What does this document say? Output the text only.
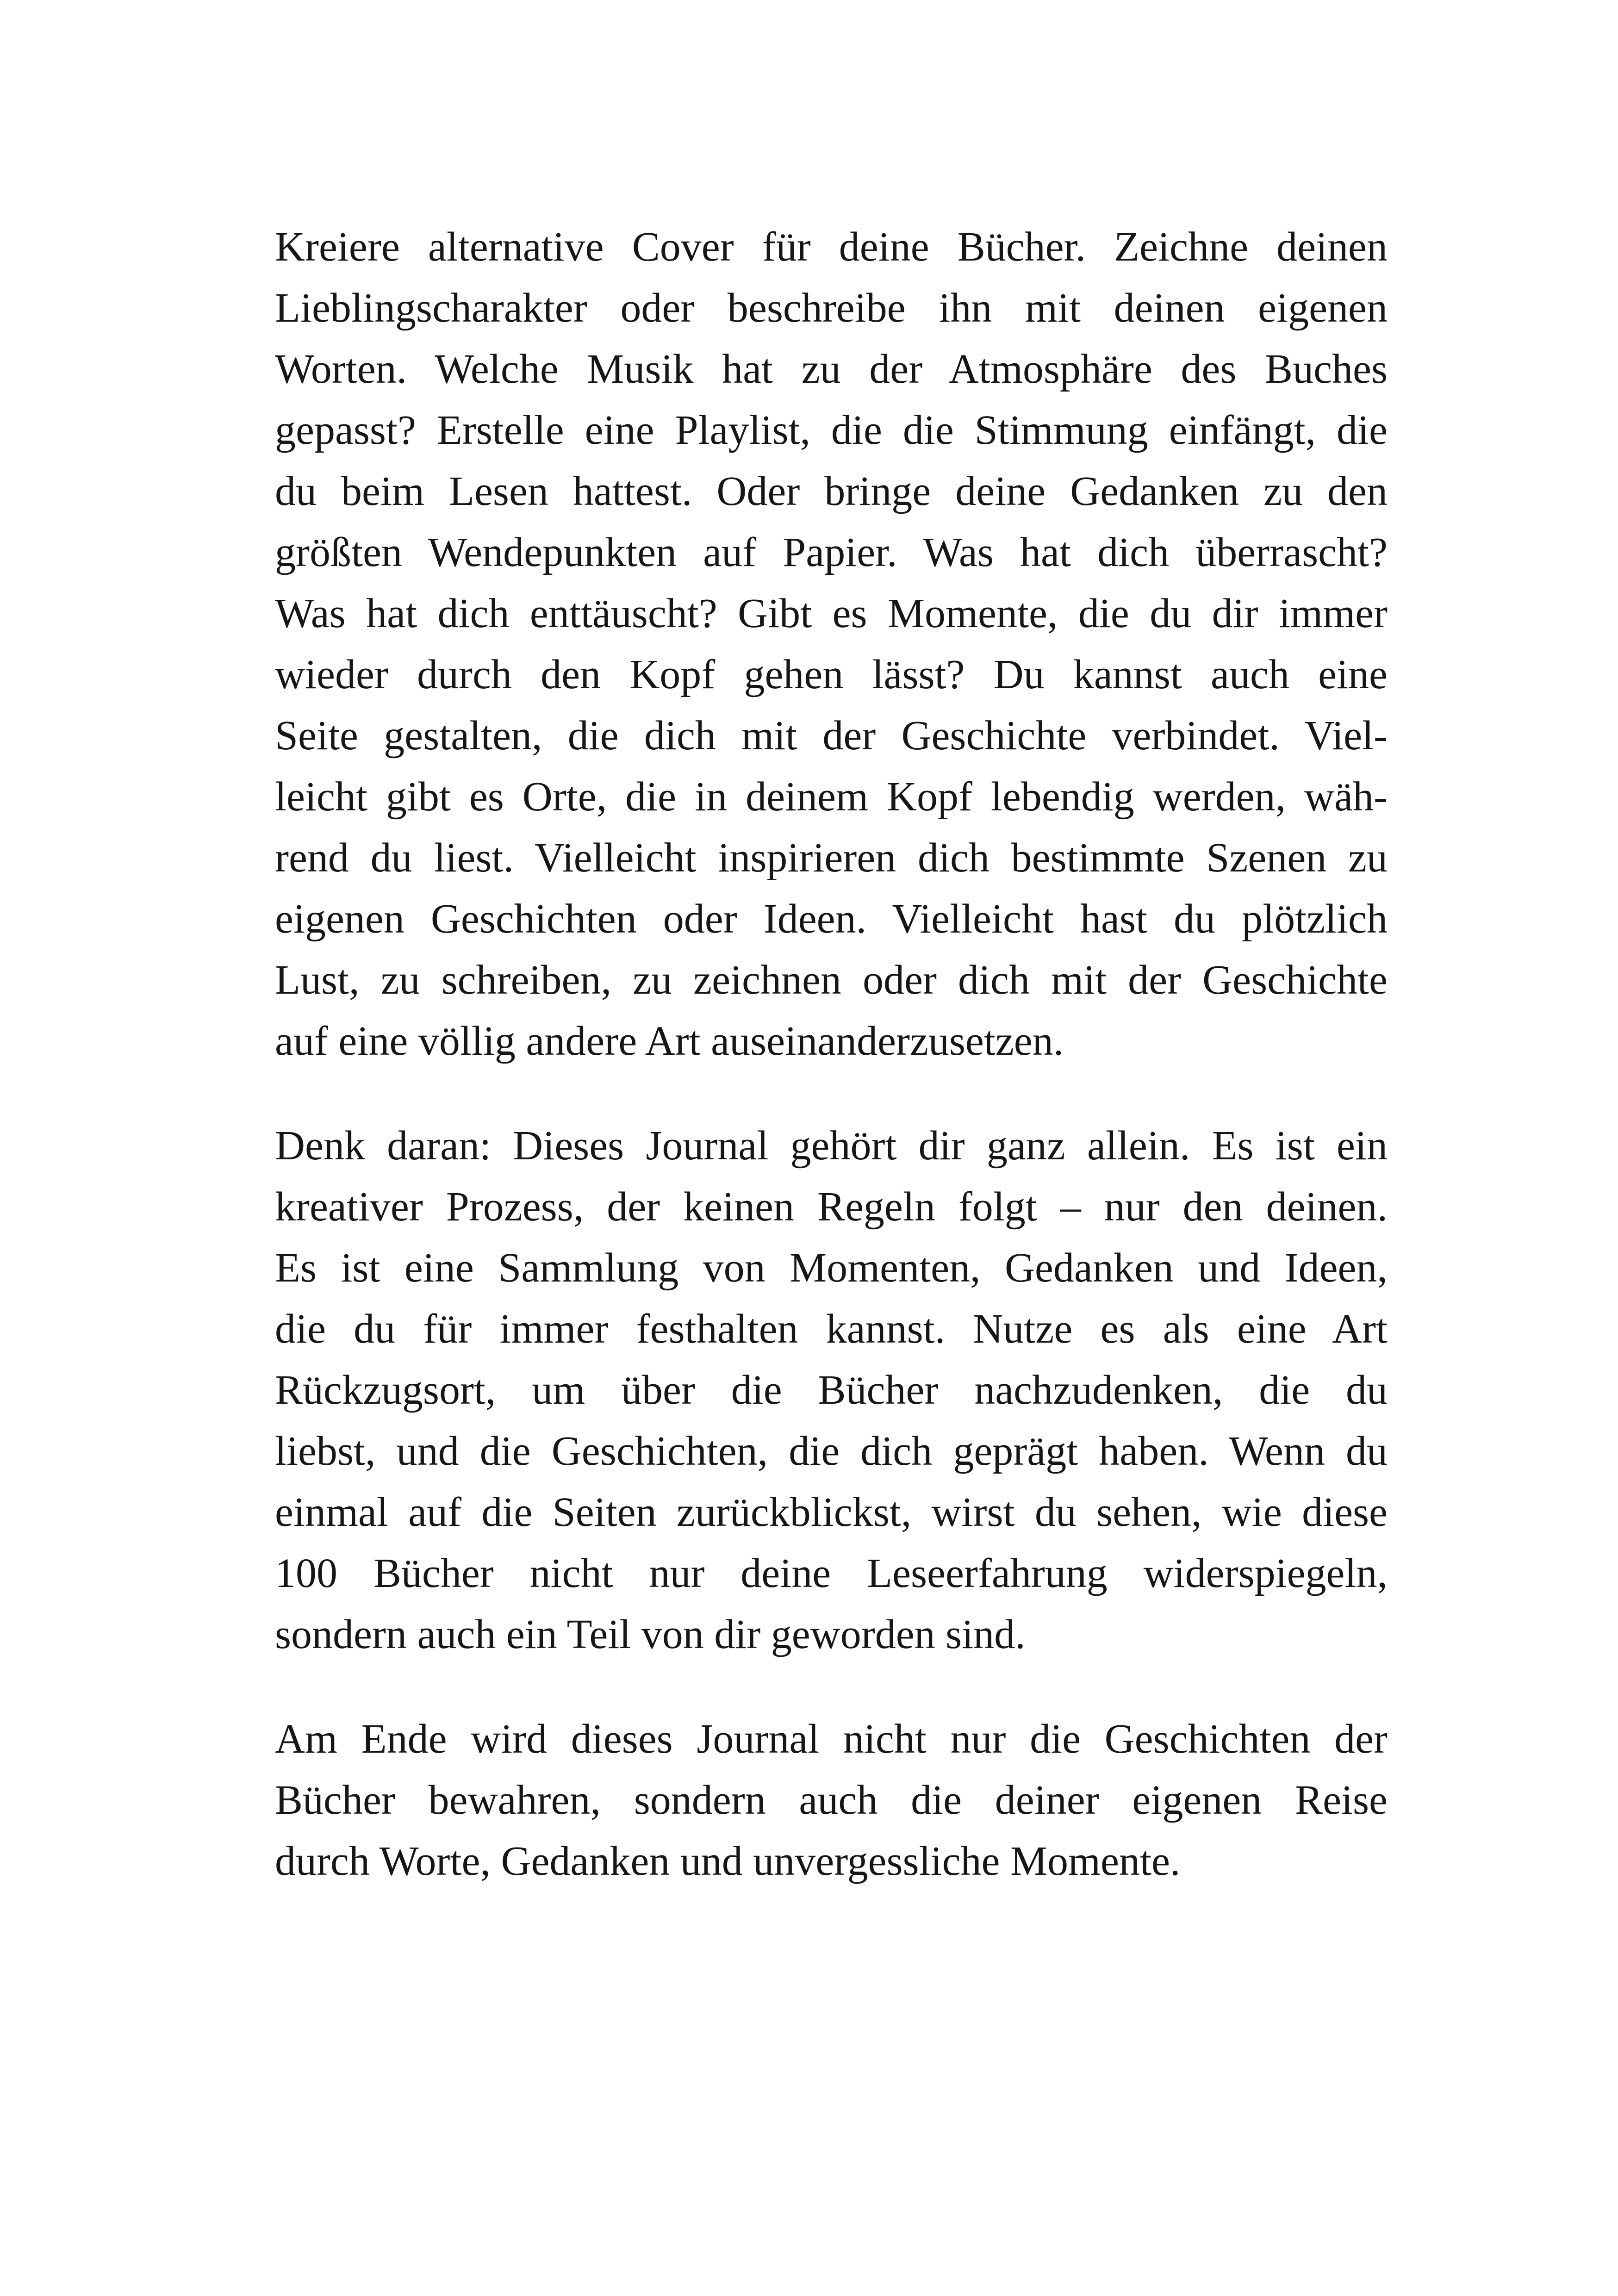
Kreiere alternative Cover für deine Bücher. Zeichne deinen
Lieblingscharakter oder beschreibe ihn mit deinen eigenen
Worten. Welche Musik hat zu der Atmosphäre des Buches
gepasst? Erstelle eine Playlist, die die Stimmung einfängt, die
du beim Lesen hattest. Oder bringe deine Gedanken zu den
größten Wendepunkten auf Papier. Was hat dich überrascht?
Was hat dich enttäuscht? Gibt es Momente, die du dir immer
wieder durch den Kopf gehen lässt? Du kannst auch eine
Seite gestalten, die dich mit der Geschichte verbindet. Viel-
leicht gibt es Orte, die in deinem Kopf lebendig werden, wäh-
rend du liest. Vielleicht inspirieren dich bestimmte Szenen zu
eigenen Geschichten oder Ideen. Vielleicht hast du plötzlich
Lust, zu schreiben, zu zeichnen oder dich mit der Geschichte
auf eine völlig andere Art auseinanderzusetzen.

Denk daran: Dieses Journal gehört dir ganz allein. Es ist ein
kreativer Prozess, der keinen Regeln folgt – nur den deinen.
Es ist eine Sammlung von Momenten, Gedanken und Ideen,
die du für immer festhalten kannst. Nutze es als eine Art
Rückzugsort, um über die Bücher nachzudenken, die du
liebst, und die Geschichten, die dich geprägt haben. Wenn du
einmal auf die Seiten zurückblickst, wirst du sehen, wie diese
100 Bücher nicht nur deine Leseerfahrung widerspiegeln,
sondern auch ein Teil von dir geworden sind.

Am Ende wird dieses Journal nicht nur die Geschichten der
Bücher bewahren, sondern auch die deiner eigenen Reise
durch Worte, Gedanken und unvergessliche Momente.
